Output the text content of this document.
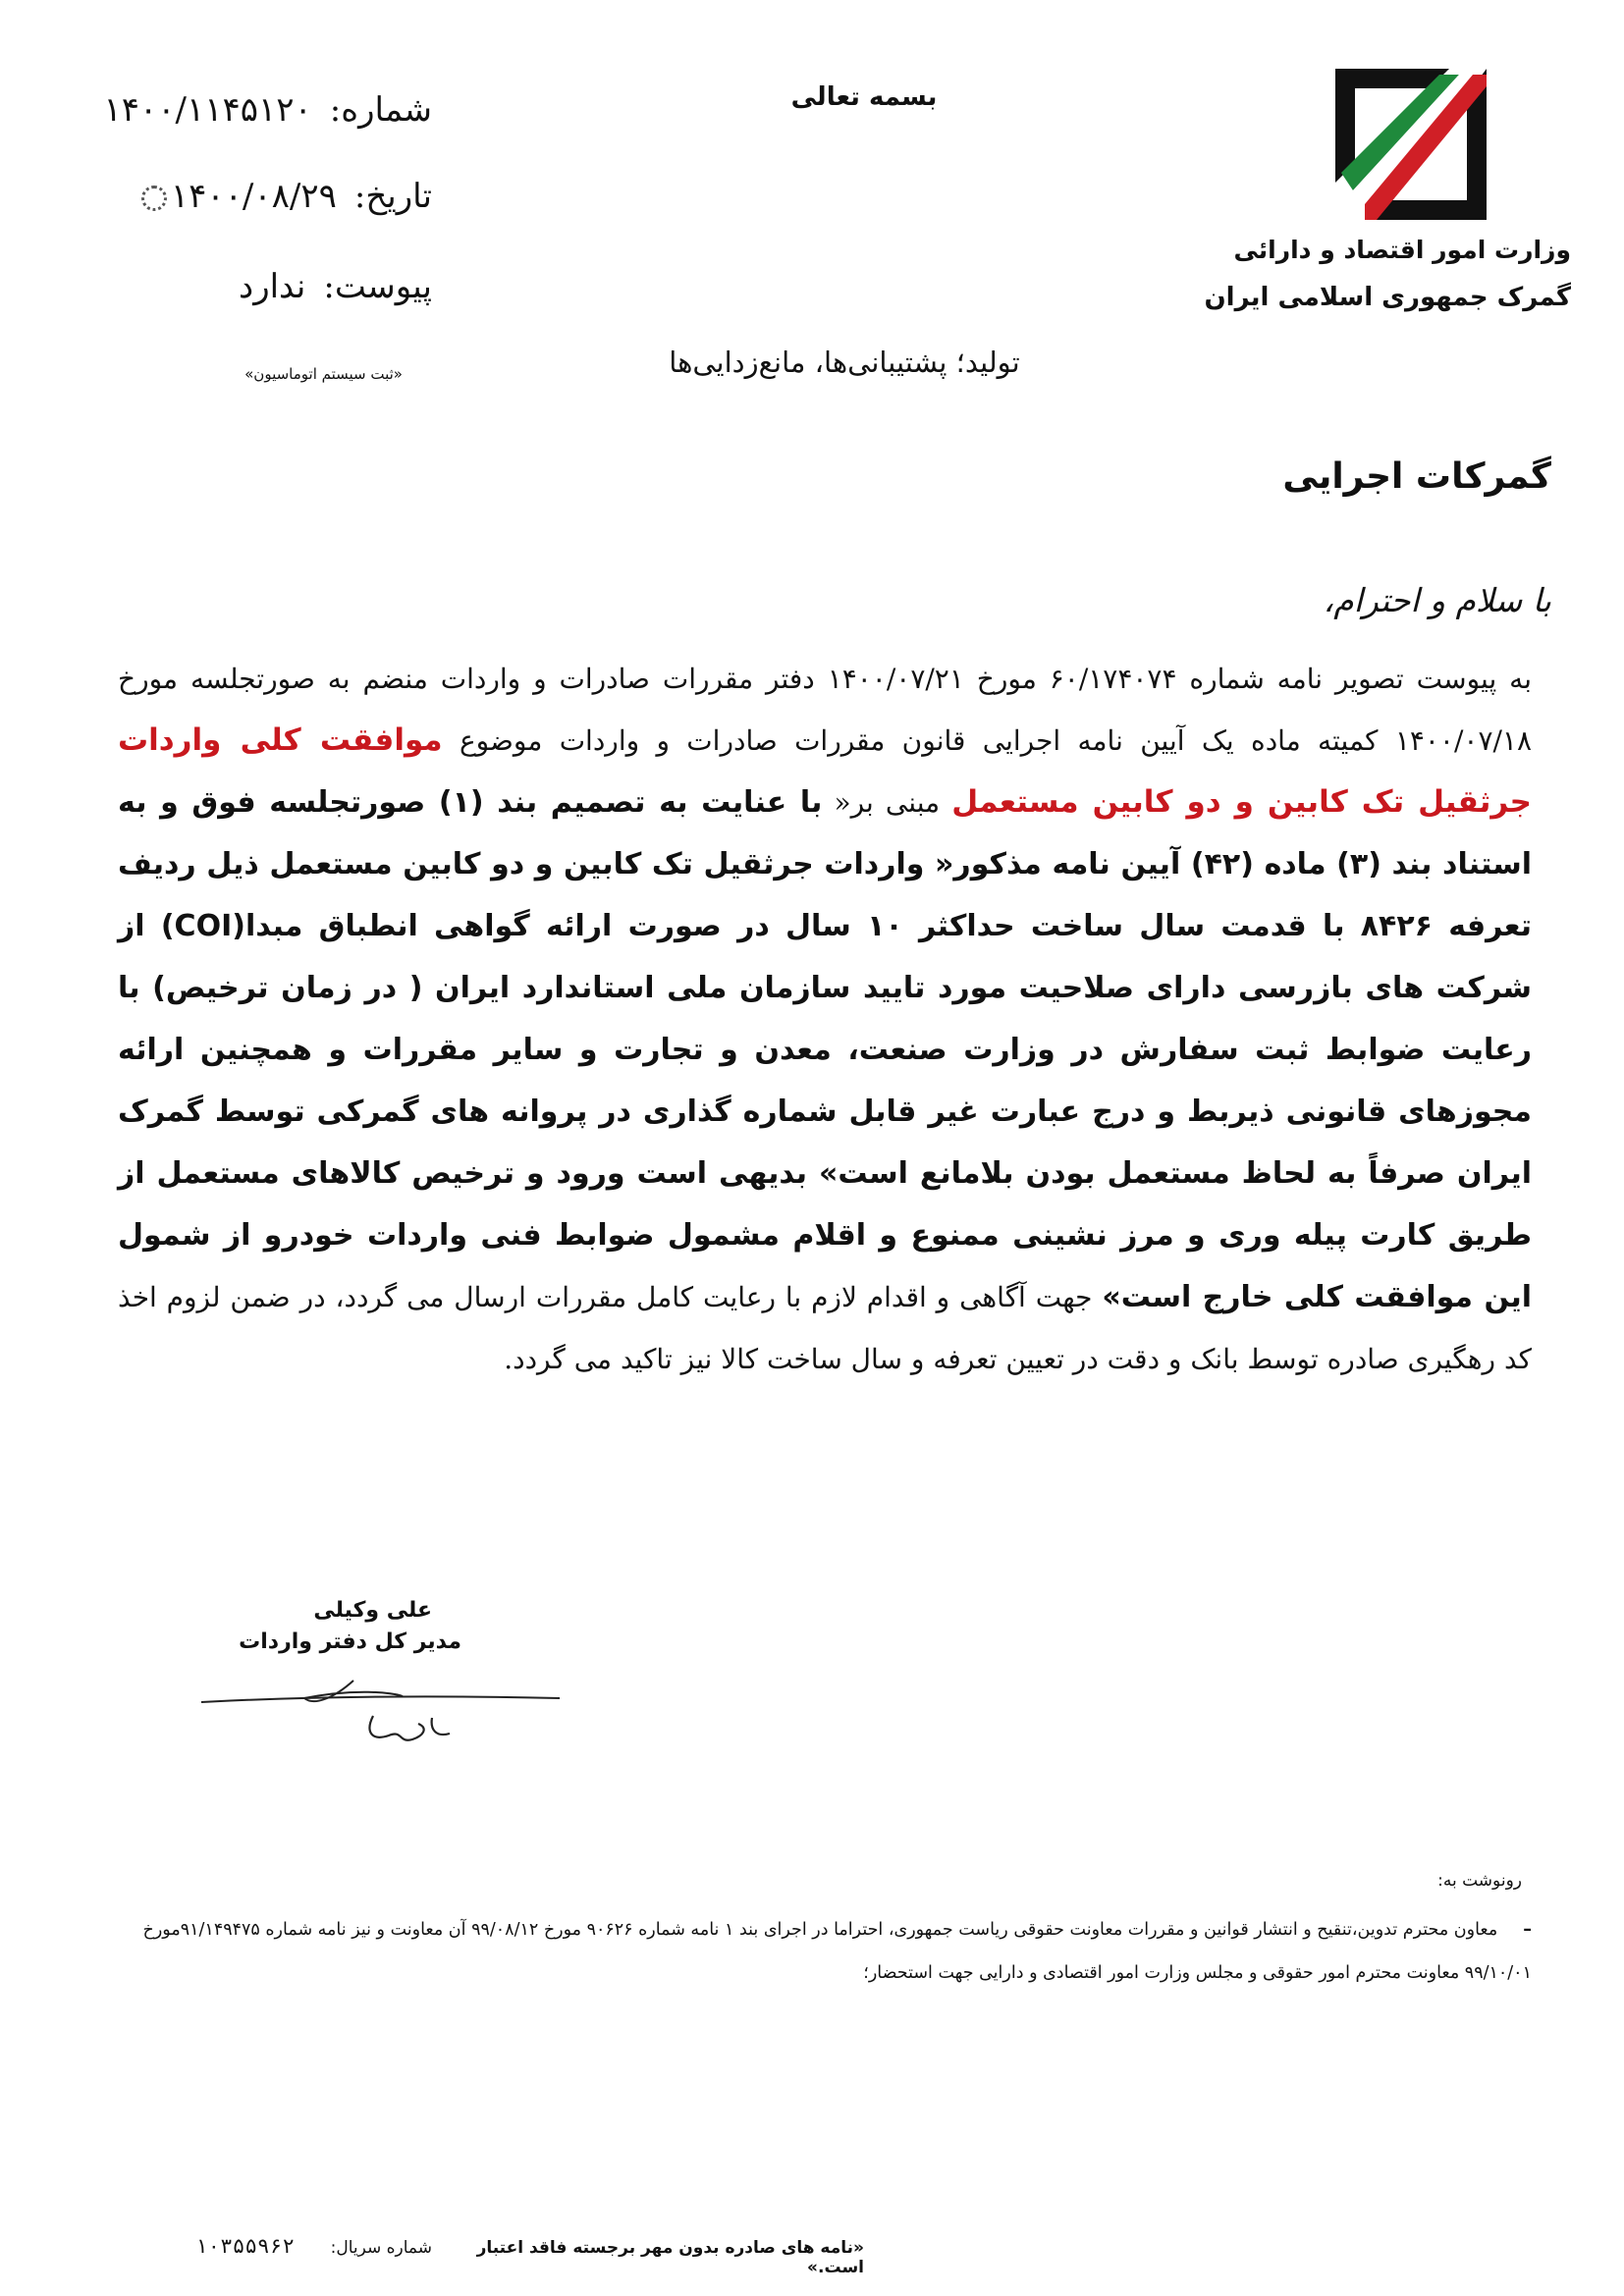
بسمه تعالی
وزارت امور اقتصاد و دارائی
گمرک جمهوری اسلامی ایران
تولید؛ پشتیبانی‌ها، مانع‌زدایی‌ها
شماره:۱۴۰۰/۱۱۴۵۱۲۰
تاریخ:۱۴۰۰/۰۸/۲۹
پیوست:ندارد
«ثبت سیستم اتوماسیون»
گمرکات اجرایی
با سلام و احترام،
به پیوست تصویر نامه شماره ۶۰/۱۷۴۰۷۴ مورخ ۱۴۰۰/۰۷/۲۱ دفتر مقررات صادرات و واردات منضم به صورتجلسه مورخ ۱۴۰۰/۰۷/۱۸ کمیته ماده یک آیین نامه اجرایی قانون مقررات صادرات و واردات موضوع موافقت کلی واردات جرثقیل تک کابین و دو کابین مستعمل مبنی بر« با عنایت به تصمیم بند (۱) صورتجلسه فوق و به استناد بند (۳) ماده (۴۲) آیین نامه مذکور« واردات جرثقیل تک کابین و دو کابین مستعمل ذیل ردیف تعرفه ۸۴۲۶ با قدمت سال ساخت حداکثر ۱۰ سال در صورت ارائه گواهی انطباق مبدا(COI) از شرکت های بازرسی دارای صلاحیت مورد تایید سازمان ملی استاندارد ایران ( در زمان ترخیص) با رعایت ضوابط ثبت سفارش در وزارت صنعت، معدن و تجارت و سایر مقررات و همچنین ارائه مجوزهای قانونی ذیربط و درج عبارت غیر قابل شماره گذاری در پروانه های گمرکی توسط گمرک ایران صرفاً به لحاظ مستعمل بودن بلامانع است» بدیهی است ورود و ترخیص کالاهای مستعمل از طریق کارت پیله وری و مرز نشینی ممنوع و اقلام مشمول ضوابط فنی واردات خودرو از شمول این موافقت کلی خارج است» جهت آگاهی و اقدام لازم با رعایت کامل مقررات ارسال می گردد، در ضمن لزوم اخذ کد رهگیری صادره توسط بانک و دقت در تعیین تعرفه و سال ساخت کالا نیز تاکید می گردد.
علی وکیلی
مدیر کل دفتر واردات
رونوشت به:
–معاون محترم تدوین،تنقیح و انتشار قوانین و مقررات معاونت حقوقی ریاست جمهوری، احتراما در اجرای بند ۱ نامه شماره ۹۰۶۲۶ مورخ ۹۹/۰۸/۱۲ آن معاونت و نیز نامه شماره ۹۱/۱۴۹۴۷۵مورخ ۹۹/۱۰/۰۱ معاونت محترم امور حقوقی و مجلس وزارت امور اقتصادی و دارایی جهت استحضار؛
«نامه های صادره بدون مهر برجسته فاقد اعتبار است.»
شماره سریال:
۱۰۳۵۵۹۶۲
